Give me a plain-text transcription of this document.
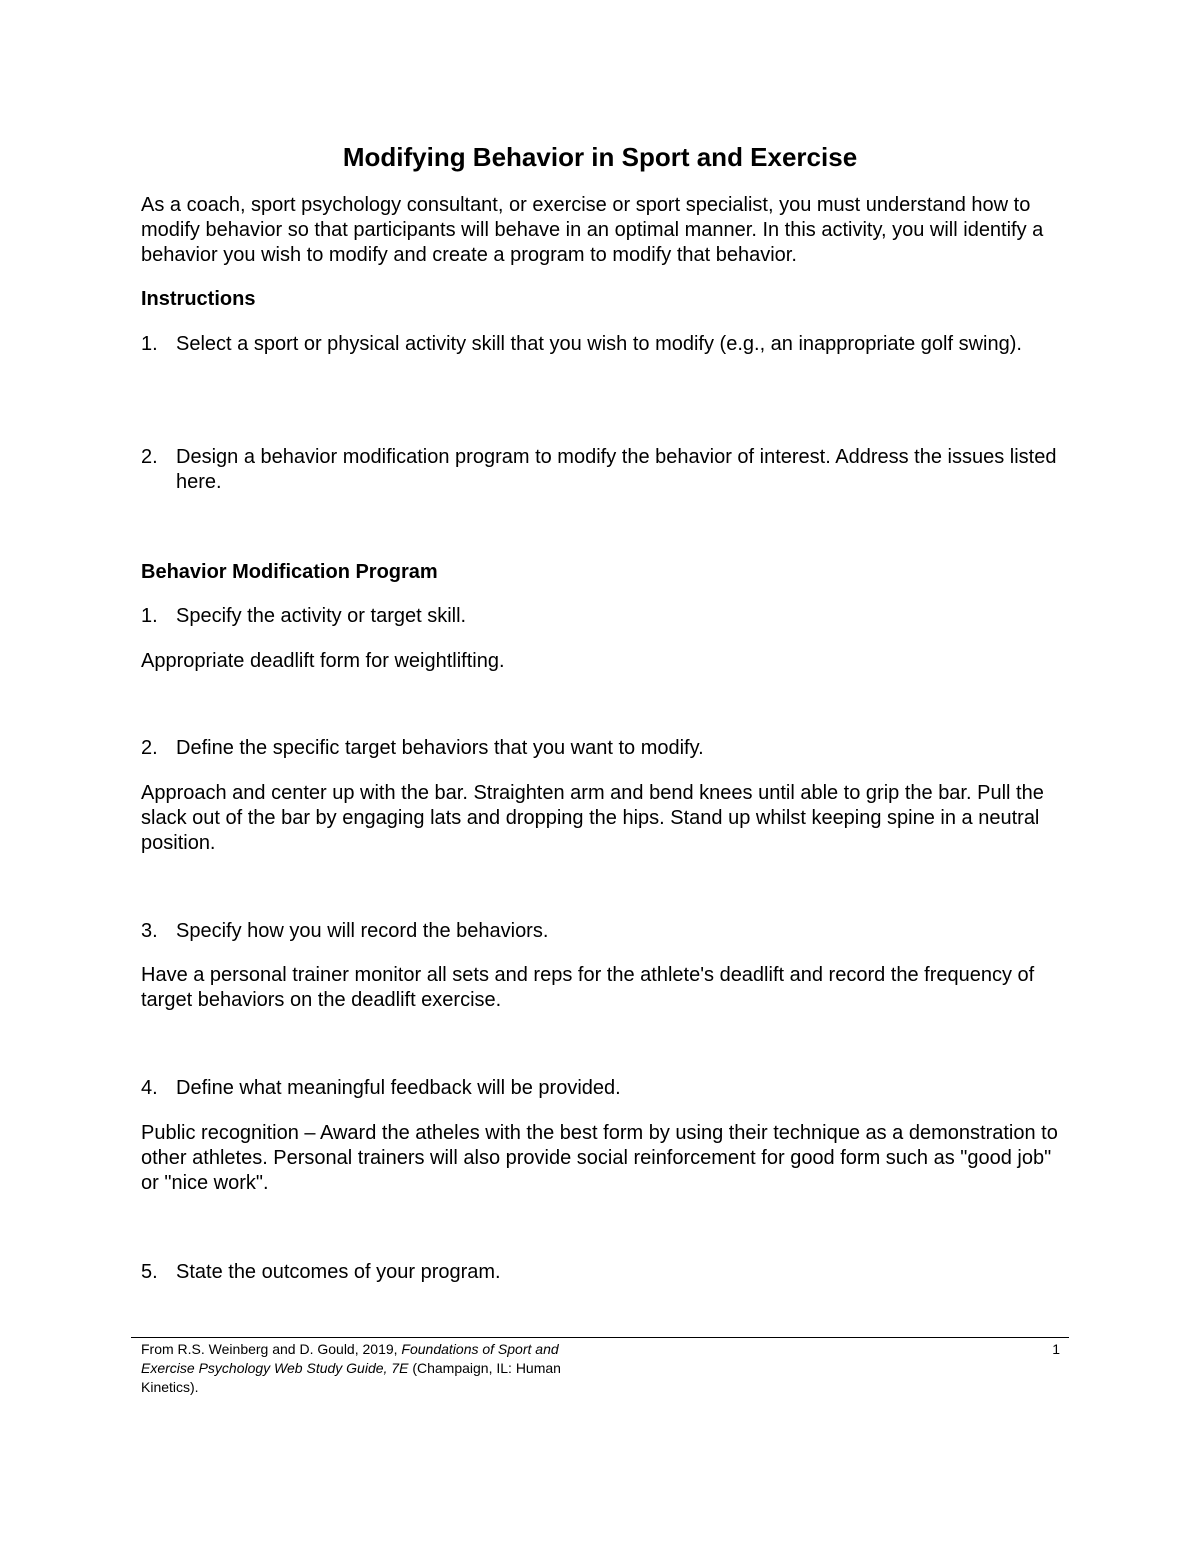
Modifying Behavior in Sport and Exercise

As a coach, sport psychology consultant, or exercise or sport specialist, you must understand how to modify behavior so that participants will behave in an optimal manner. In this activity, you will identify a behavior you wish to modify and create a program to modify that behavior.

Instructions
1. Select a sport or physical activity skill that you wish to modify (e.g., an inappropriate golf swing).
2. Design a behavior modification program to modify the behavior of interest. Address the issues listed here.
Behavior Modification Program
1. Specify the activity or target skill.

Appropriate deadlift form for weightlifting.

2. Define the specific target behaviors that you want to modify.

Approach and center up with the bar. Straighten arm and bend knees until able to grip the bar. Pull the slack out of the bar by engaging lats and dropping the hips. Stand up whilst keeping spine in a neutral position.

3. Specify how you will record the behaviors.

Have a personal trainer monitor all sets and reps for the athlete's deadlift and record the frequency of target behaviors on the deadlift exercise.

4. Define what meaningful feedback will be provided.

Public recognition – Award the atheles with the best form by using their technique as a demonstration to other athletes. Personal trainers will also provide social reinforcement for good form such as "good job" or "nice work".

5. State the outcomes of your program.
From R.S. Weinberg and D. Gould, 2019, Foundations of Sport and Exercise Psychology Web Study Guide, 7E (Champaign, IL: Human Kinetics).
1
